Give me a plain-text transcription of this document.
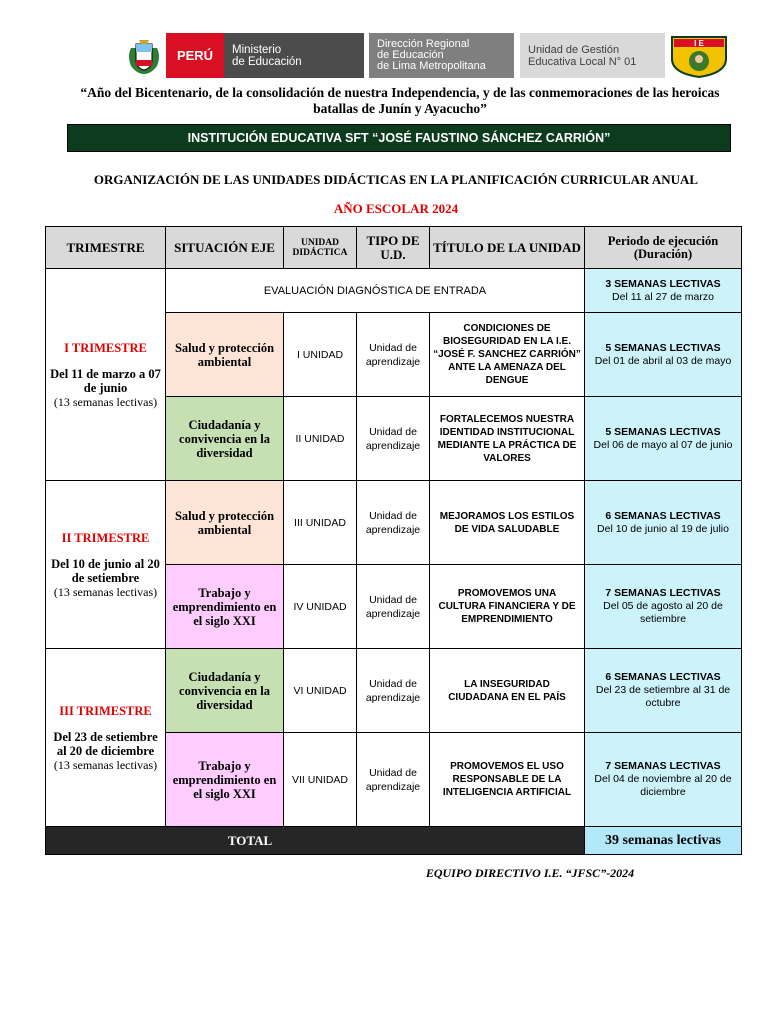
PERÚ Ministerio
de Educación
Dirección Regional
de Educación
de Lima Metropolitana
Unidad de Gestión
Educativa Local N° 01
I E
“Año del Bicentenario, de la consolidación de nuestra Independencia, y de las conmemoraciones de las heroicas batallas de Junín y Ayacucho”
INSTITUCIÓN EDUCATIVA SFT “JOSÉ FAUSTINO SÁNCHEZ CARRIÓN”
ORGANIZACIÓN DE LAS UNIDADES DIDÁCTICAS EN LA PLANIFICACIÓN CURRICULAR ANUAL
AÑO ESCOLAR 2024
TRIMESTRE	SITUACIÓN EJE	UNIDAD DIDÁCTICA	TIPO DE U.D.	TÍTULO DE LA UNIDAD	Periodo de ejecución (Duración)

I TRIMESTRE
Del 11 de marzo a 07 de junio
(13 semanas lectivas)	EVALUACIÓN DIAGNÓSTICA DE ENTRADA				3 SEMANAS LECTIVAS
Del 11 al 27 de marzo
	Salud y protección ambiental	I UNIDAD	Unidad de aprendizaje	CONDICIONES DE BIOSEGURIDAD EN LA I.E. “JOSÉ F. SANCHEZ CARRIÓN” ANTE LA AMENAZA DEL DENGUE	5 SEMANAS LECTIVAS
Del 01 de abril al 03 de mayo
	Ciudadanía y convivencia en la diversidad	II UNIDAD	Unidad de aprendizaje	FORTALECEMOS NUESTRA IDENTIDAD INSTITUCIONAL MEDIANTE LA PRÁCTICA DE VALORES	5 SEMANAS LECTIVAS
Del 06 de mayo al 07 de junio

II TRIMESTRE
Del 10 de junio al 20 de setiembre
(13 semanas lectivas)	Salud y protección ambiental	III UNIDAD	Unidad de aprendizaje	MEJORAMOS LOS ESTILOS DE VIDA SALUDABLE	6 SEMANAS LECTIVAS
Del 10 de junio al 19 de julio
	Trabajo y emprendimiento en el siglo XXI	IV UNIDAD	Unidad de aprendizaje	PROMOVEMOS UNA CULTURA FINANCIERA Y DE EMPRENDIMIENTO	7 SEMANAS LECTIVAS
Del 05 de agosto al 20 de setiembre

III TRIMESTRE
Del 23 de setiembre al 20 de diciembre
(13 semanas lectivas)	Ciudadanía y convivencia en la diversidad	VI UNIDAD	Unidad de aprendizaje	LA INSEGURIDAD CIUDADANA EN EL PAÍS	6 SEMANAS LECTIVAS
Del 23 de setiembre al 31 de octubre
	Trabajo y emprendimiento en el siglo XXI	VII UNIDAD	Unidad de aprendizaje	PROMOVEMOS EL USO RESPONSABLE DE LA INTELIGENCIA ARTIFICIAL	7 SEMANAS LECTIVAS
Del 04 de noviembre al 20 de diciembre
TOTAL					39 semanas lectivas
EQUIPO DIRECTIVO I.E. “JFSC”-2024
